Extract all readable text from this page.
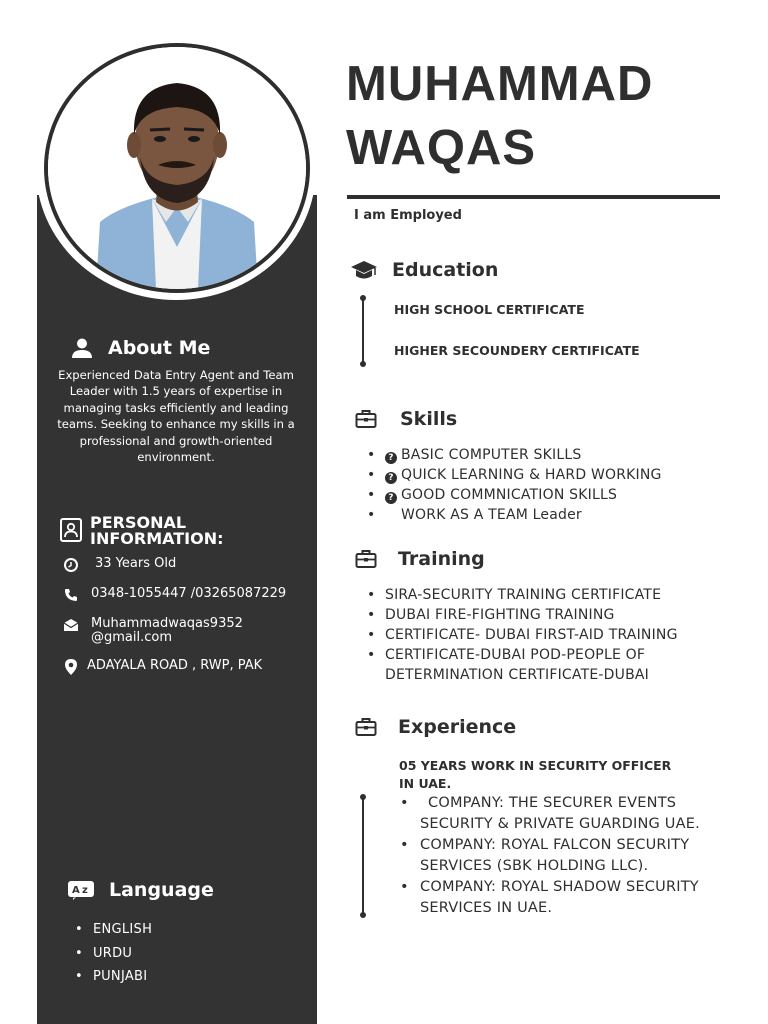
About Me

Experienced Data Entry Agent and Team Leader with 1.5 years of expertise in managing tasks efficiently and leading teams. Seeking to enhance my skills in a professional and growth-oriented environment.

PERSONAL
INFORMATION:
33 Years Old
0348-1055447 /03265087229
Muhammadwaqas9352
@gmail.com
ADAYALA ROAD , RWP, PAK
A z Language
• ENGLISH
• URDU
• PUNJABI
MUHAMMAD
WAQAS
I am Employed
Education
HIGH SCHOOL CERTIFICATE
HIGHER SECOUNDERY CERTIFICATE
Skills
• ? BASIC COMPUTER SKILLS
• ? QUICK LEARNING & HARD WORKING
• ? GOOD COMMNICATION SKILLS
• WORK AS A TEAM Leader
Training
• SIRA-SECURITY TRAINING CERTIFICATE
• DUBAI FIRE-FIGHTING TRAINING
• CERTIFICATE- DUBAI FIRST-AID TRAINING
• CERTIFICATE-DUBAI POD-PEOPLE OF
DETERMINATION CERTIFICATE-DUBAI
Experience
05 YEARS WORK IN SECURITY OFFICER
IN UAE.
• COMPANY: THE SECURER EVENTS SECURITY & PRIVATE GUARDING UAE.
• COMPANY: ROYAL FALCON SECURITY SERVICES (SBK HOLDING LLC).
• COMPANY: ROYAL SHADOW SECURITY SERVICES IN UAE.
